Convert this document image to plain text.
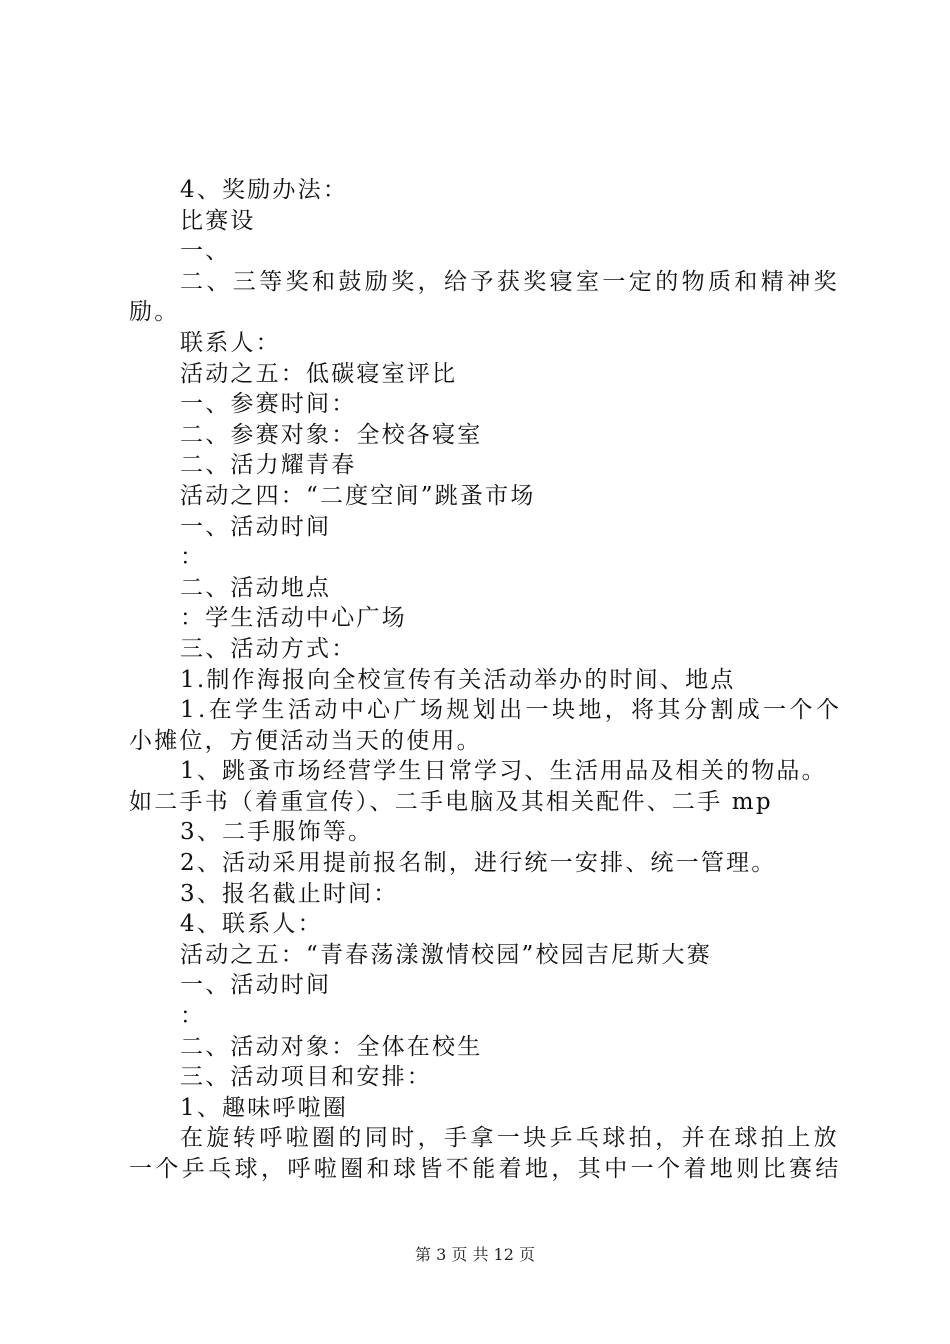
4、奖励办法：
比赛设
一、
二、三等奖和鼓励奖，给予获奖寝室一定的物质和精神奖
励。
联系人：
活动之五：低碳寝室评比
一、参赛时间：
二、参赛对象：全校各寝室
二、活力耀青春
活动之四：“二度空间”跳蚤市场
一、活动时间
：
二、活动地点
：学生活动中心广场
三、活动方式：
1.制作海报向全校宣传有关活动举办的时间、地点
1.在学生活动中心广场规划出一块地，将其分割成一个个
小摊位，方便活动当天的使用。
1、跳蚤市场经营学生日常学习、生活用品及相关的物品。
如二手书（着重宣传）、二手电脑及其相关配件、二手 mp
3、二手服饰等。
2、活动采用提前报名制，进行统一安排、统一管理。
3、报名截止时间：
4、联系人：
活动之五：“青春荡漾激情校园”校园吉尼斯大赛
一、活动时间
：
二、活动对象：全体在校生
三、活动项目和安排：
1、趣味呼啦圈
在旋转呼啦圈的同时，手拿一块乒乓球拍，并在球拍上放
一个乒乓球，呼啦圈和球皆不能着地，其中一个着地则比赛结
第 3 页 共 12 页
